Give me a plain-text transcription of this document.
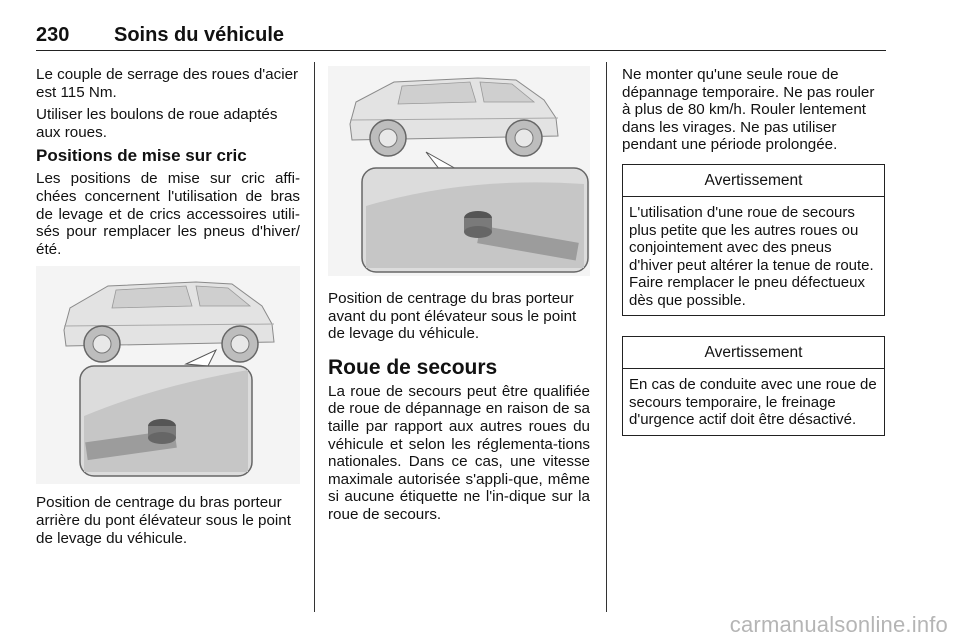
230 Soins du véhicule

Le couple de serrage des roues d'acier est 115 Nm.

Utiliser les boulons de roue adaptés aux roues.

Positions de mise sur cric

Les positions de mise sur cric affi-chées concernent l'utilisation de bras de levage et de crics accessoires utili-sés pour remplacer les pneus d'hiver/été.

Position de centrage du bras porteur arrière du pont élévateur sous le point de levage du véhicule.

Position de centrage du bras porteur avant du pont élévateur sous le point de levage du véhicule.

Roue de secours

La roue de secours peut être qualifiée de roue de dépannage en raison de sa taille par rapport aux autres roues du véhicule et selon les réglementa-tions nationales. Dans ce cas, une vitesse maximale autorisée s'appli-que, même si aucune étiquette ne l'in-dique sur la roue de secours.

Ne monter qu'une seule roue de dépannage temporaire. Ne pas rouler à plus de 80 km/h. Rouler lentement dans les virages. Ne pas utiliser pendant une période prolongée.

Avertissement
L'utilisation d'une roue de secours plus petite que les autres roues ou conjointement avec des pneus d'hiver peut altérer la tenue de route. Faire remplacer le pneu défectueux dès que possible.
Avertissement
En cas de conduite avec une roue de secours temporaire, le freinage d'urgence actif doit être désactivé.
carmanualsonline.info
